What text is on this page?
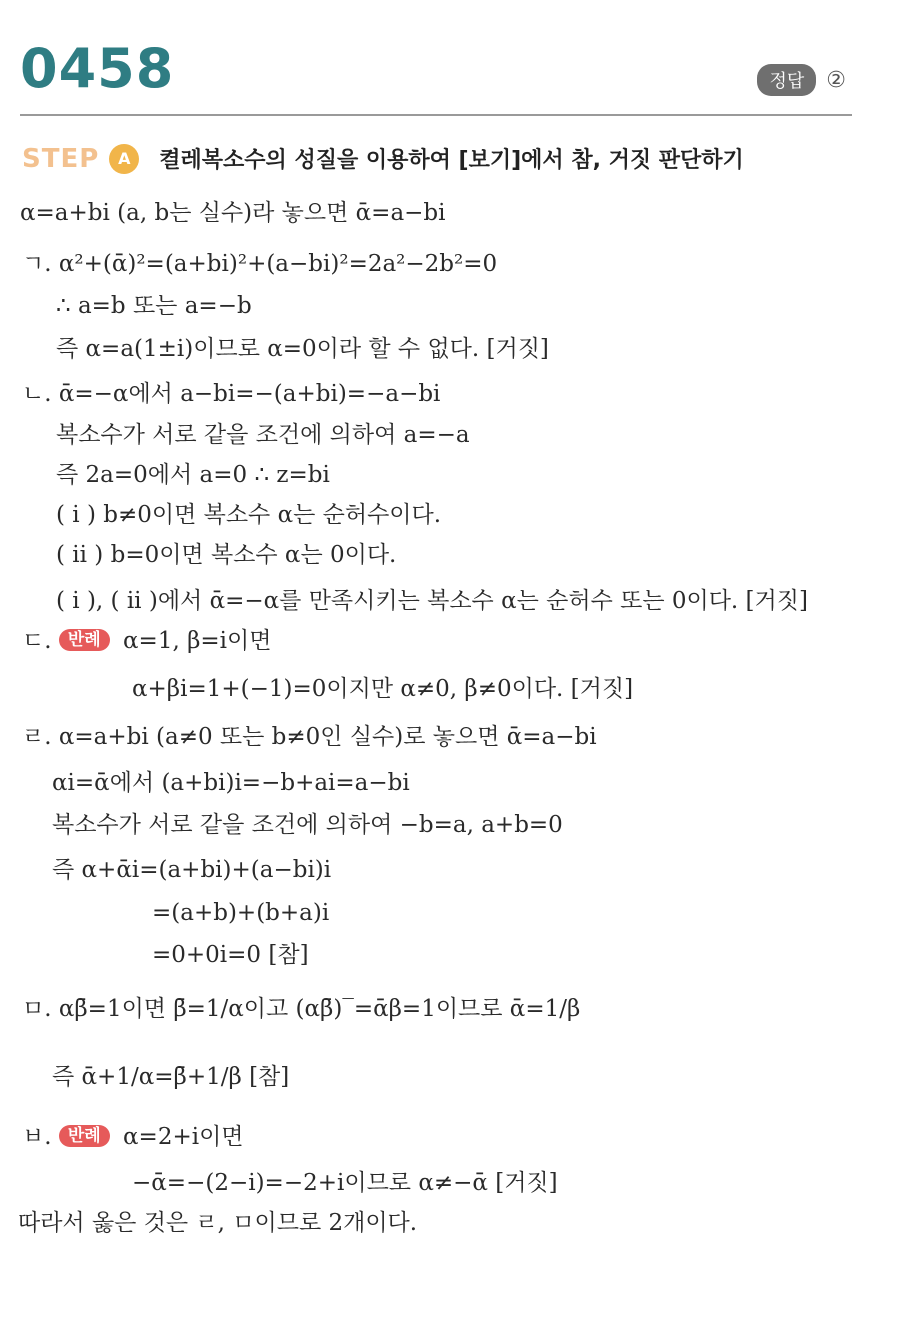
0458	정답	②
STEP	A	켤레복소수의 성질을 이용하여 [보기]에서 참, 거짓 판단하기
α=a+bi (a, b는 실수)라 놓으면 ᾱ=a−bi
ㄱ. α²+(ᾱ)²=(a+bi)²+(a−bi)²=2a²−2b²=0
∴ a=b 또는 a=−b
즉 α=a(1±i)이므로 α=0이라 할 수 없다. [거짓]
ㄴ. ᾱ=−α에서 a−bi=−(a+bi)=−a−bi
복소수가 서로 같을 조건에 의하여 a=−a
즉 2a=0에서 a=0 ∴ z=bi
( i ) b≠0이면 복소수 α는 순허수이다.
( ii ) b=0이면 복소수 α는 0이다.
( i ), ( ii )에서 ᾱ=−α를 만족시키는 복소수 α는 순허수 또는 0이다. [거짓]
ㄷ. 반례 α=1, β=i이면
α+βi=1+(−1)=0이지만 α≠0, β≠0이다. [거짓]
ㄹ. α=a+bi (a≠0 또는 b≠0인 실수)로 놓으면 ᾱ=a−bi
αi=ᾱ에서 (a+bi)i=−b+ai=a−bi
복소수가 서로 같을 조건에 의하여 −b=a, a+b=0
즉 α+ᾱi=(a+bi)+(a−bi)i
=(a+b)+(b+a)i
=0+0i=0 [참]
ㅁ. αβ̄=1이면 β̄=1/α이고 (αβ̄)‾=ᾱβ=1이므로 ᾱ=1/β
즉 ᾱ+1/α=β̄+1/β [참]
ㅂ. 반례 α=2+i이면
−ᾱ=−(2−i)=−2+i이므로 α≠−ᾱ [거짓]
따라서 옳은 것은 ㄹ, ㅁ이므로 2개이다.
